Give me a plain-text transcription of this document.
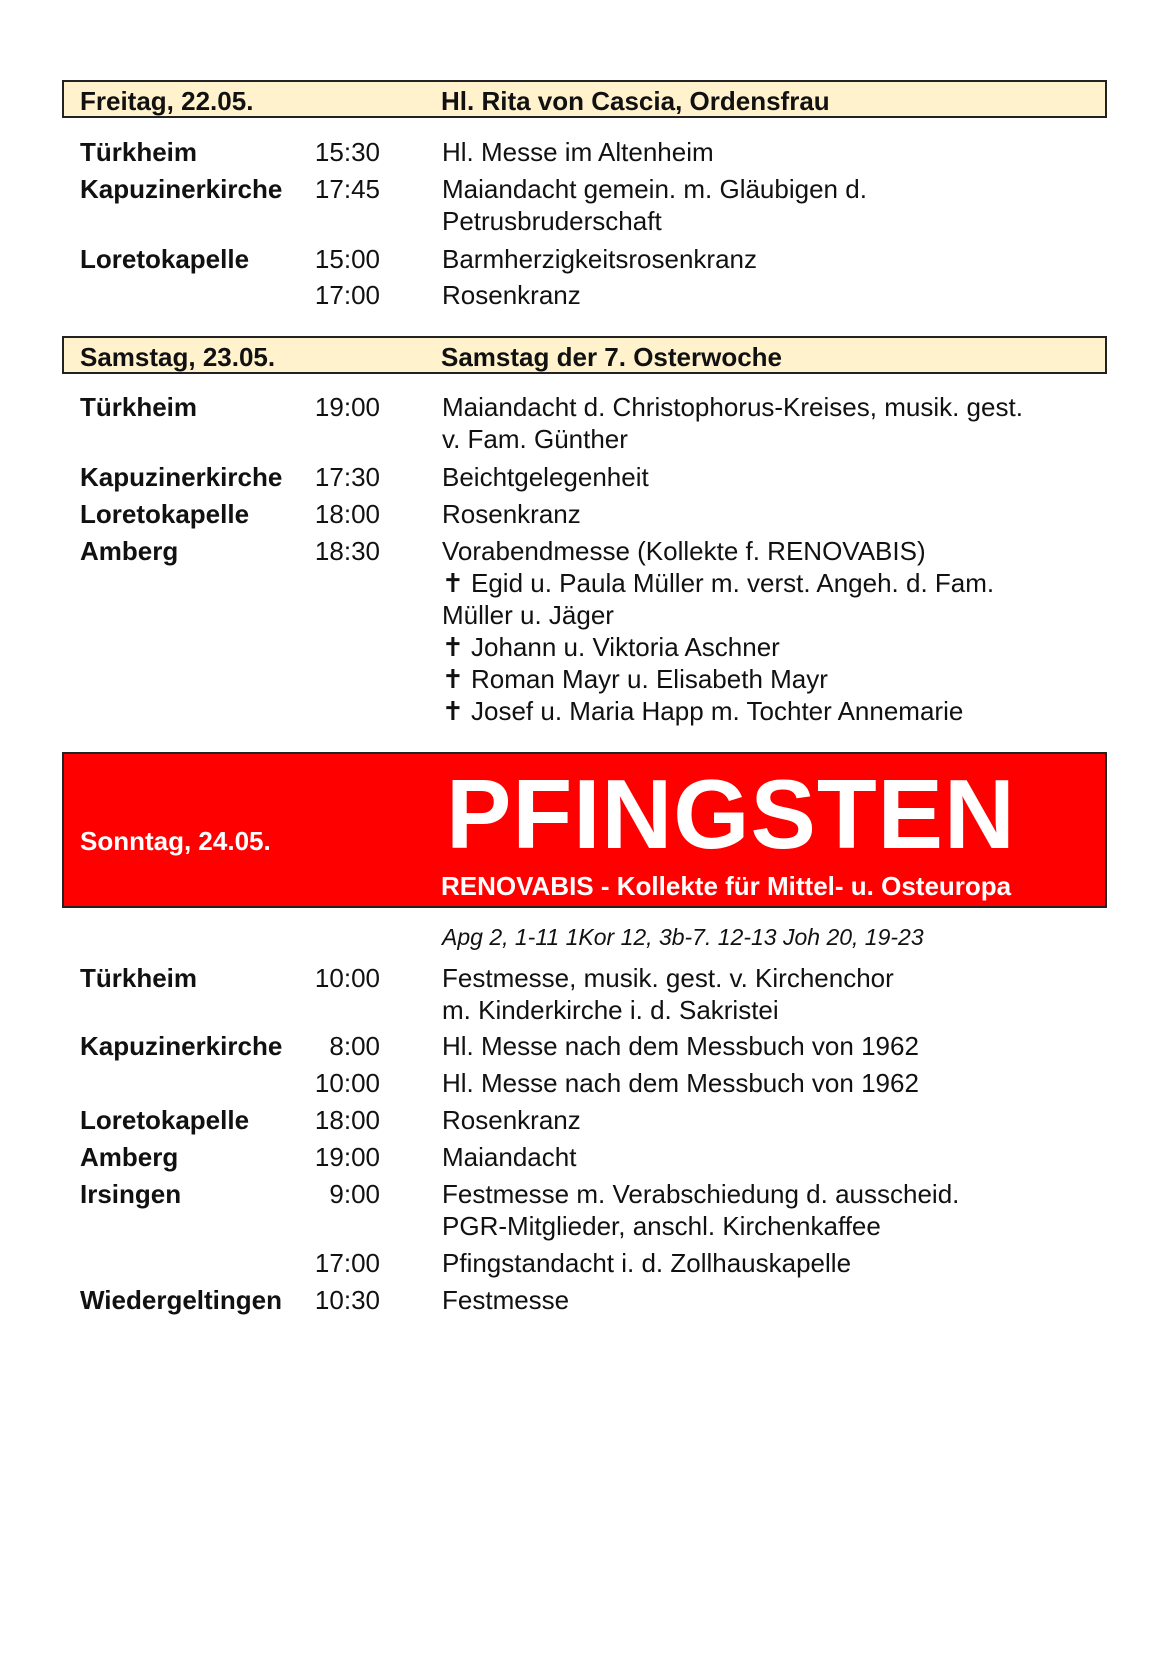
Freitag, 22.05.	Hl. Rita von Cascia, Ordensfrau
Türkheim	15:30 Hl. Messe im Altenheim
Kapuzinerkirche	17:45 Maiandacht gemein. m. Gläubigen d.
Petrusbruderschaft
Loretokapelle	15:00 Barmherzigkeitsrosenkranz
17:00 Rosenkranz
Samstag, 23.05.	Samstag der 7. Osterwoche
Türkheim	19:00 Maiandacht d. Christophorus-Kreises, musik. gest.
v. Fam. Günther
Kapuzinerkirche	17:30 Beichtgelegenheit
Loretokapelle	18:00 Rosenkranz
Amberg	18:30 Vorabendmesse (Kollekte f. RENOVABIS)
✝ Egid u. Paula Müller m. verst. Angeh. d. Fam.
Müller u. Jäger
✝ Johann u. Viktoria Aschner
✝ Roman Mayr u. Elisabeth Mayr
✝ Josef u. Maria Happ m. Tochter Annemarie
Sonntag, 24.05. PFINGSTEN
RENOVABIS - Kollekte für Mittel- u. Osteuropa
Apg 2, 1-11 1Kor 12, 3b-7. 12-13 Joh 20, 19-23
Türkheim	10:00 Festmesse, musik. gest. v. Kirchenchor
m. Kinderkirche i. d. Sakristei
Kapuzinerkirche	8:00 Hl. Messe nach dem Messbuch von 1962
10:00 Hl. Messe nach dem Messbuch von 1962
Loretokapelle	18:00 Rosenkranz
Amberg	19:00 Maiandacht
Irsingen	9:00 Festmesse m. Verabschiedung d. ausscheid.
PGR-Mitglieder, anschl. Kirchenkaffee
17:00 Pfingstandacht i. d. Zollhauskapelle
Wiedergeltingen	10:30 Festmesse
